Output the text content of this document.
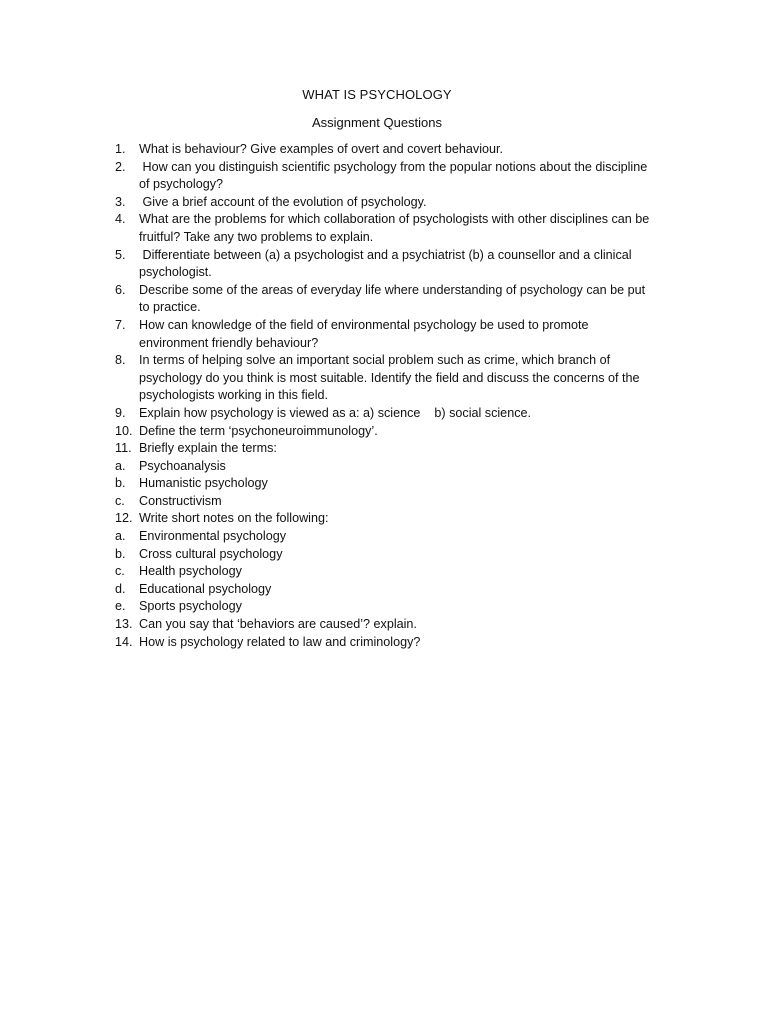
WHAT IS PSYCHOLOGY
Assignment Questions
1.	What is behaviour? Give examples of overt and covert behaviour.
2.	How can you distinguish scientific psychology from the popular notions about the discipline
of psychology?
3.	Give a brief account of the evolution of psychology.
4.	What are the problems for which collaboration of psychologists with other disciplines can be
fruitful? Take any two problems to explain.
5.	Differentiate between (a) a psychologist and a psychiatrist (b) a counsellor and a clinical
psychologist.
6.	Describe some of the areas of everyday life where understanding of psychology can be put
to practice.
7.	How can knowledge of the field of environmental psychology be used to promote
environment friendly behaviour?
8.	In terms of helping solve an important social problem such as crime, which branch of
psychology do you think is most suitable. Identify the field and discuss the concerns of the
psychologists working in this field.
9.	Explain how psychology is viewed as a: a) science    b) social science.
10. Define the term ‘psychoneuroimmunology’.
11. Briefly explain the terms:
a.	Psychoanalysis
b.	Humanistic psychology
c.	Constructivism
12. Write short notes on the following:
a.	Environmental psychology
b.	Cross cultural psychology
c.	Health psychology
d.	Educational psychology
e.	Sports psychology
13. Can you say that ‘behaviors are caused’? explain.
14. How is psychology related to law and criminology?
